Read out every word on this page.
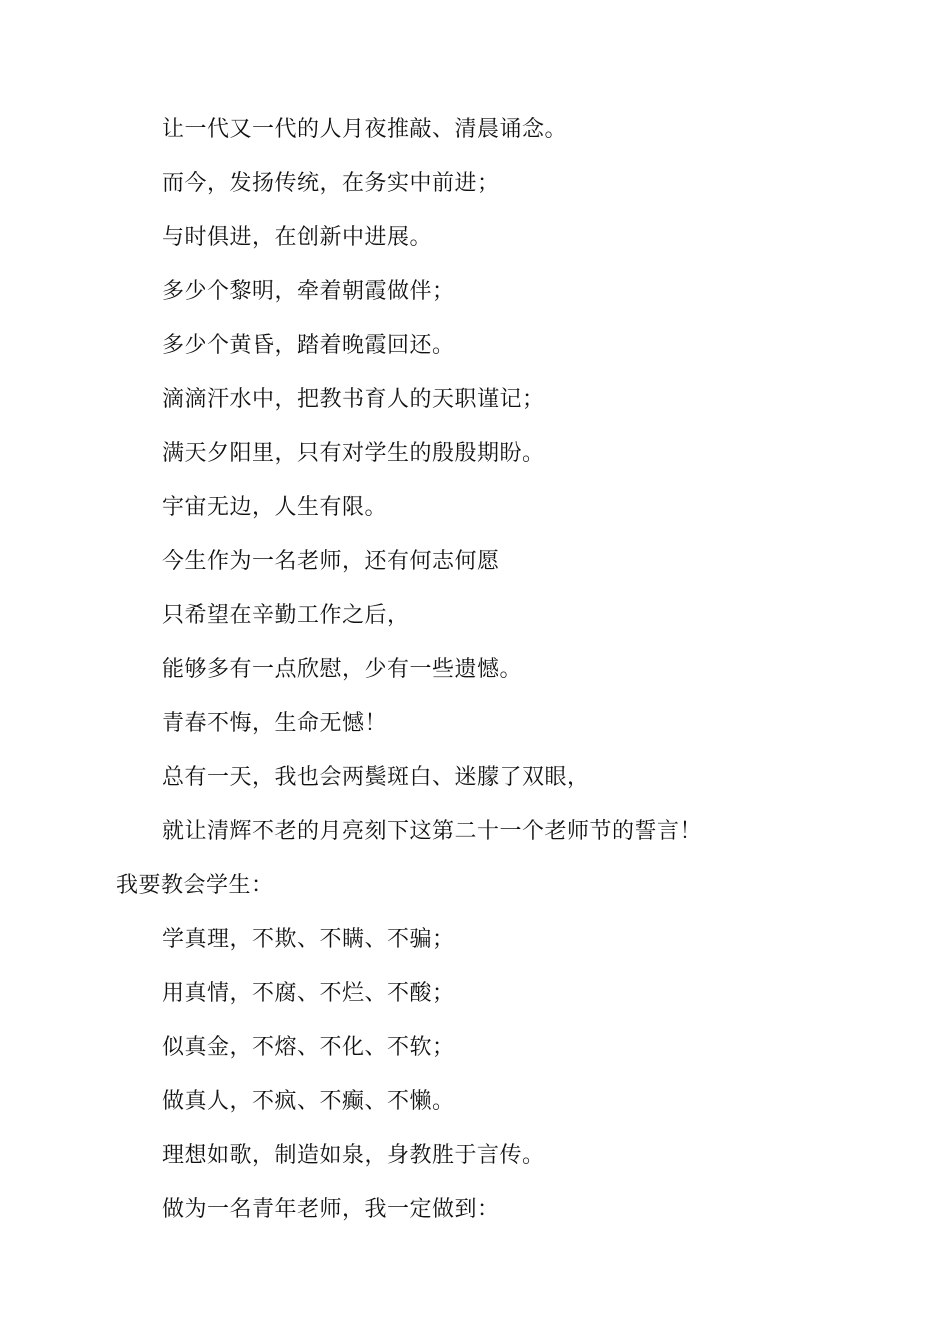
让一代又一代的人月夜推敲、清晨诵念。
而今，发扬传统，在务实中前进；
与时俱进，在创新中进展。
多少个黎明，牵着朝霞做伴；
多少个黄昏，踏着晚霞回还。
滴滴汗水中，把教书育人的天职谨记；
满天夕阳里，只有对学生的殷殷期盼。
宇宙无边，人生有限。
今生作为一名老师，还有何志何愿
只希望在辛勤工作之后，
能够多有一点欣慰，少有一些遗憾。
青春不悔，生命无憾！
总有一天，我也会两鬓斑白、迷朦了双眼，
就让清辉不老的月亮刻下这第二十一个老师节的誓言！
我要教会学生：
学真理，不欺、不瞒、不骗；
用真情，不腐、不烂、不酸；
似真金，不熔、不化、不软；
做真人，不疯、不癫、不懒。
理想如歌，制造如泉，身教胜于言传。
做为一名青年老师，我一定做到：
